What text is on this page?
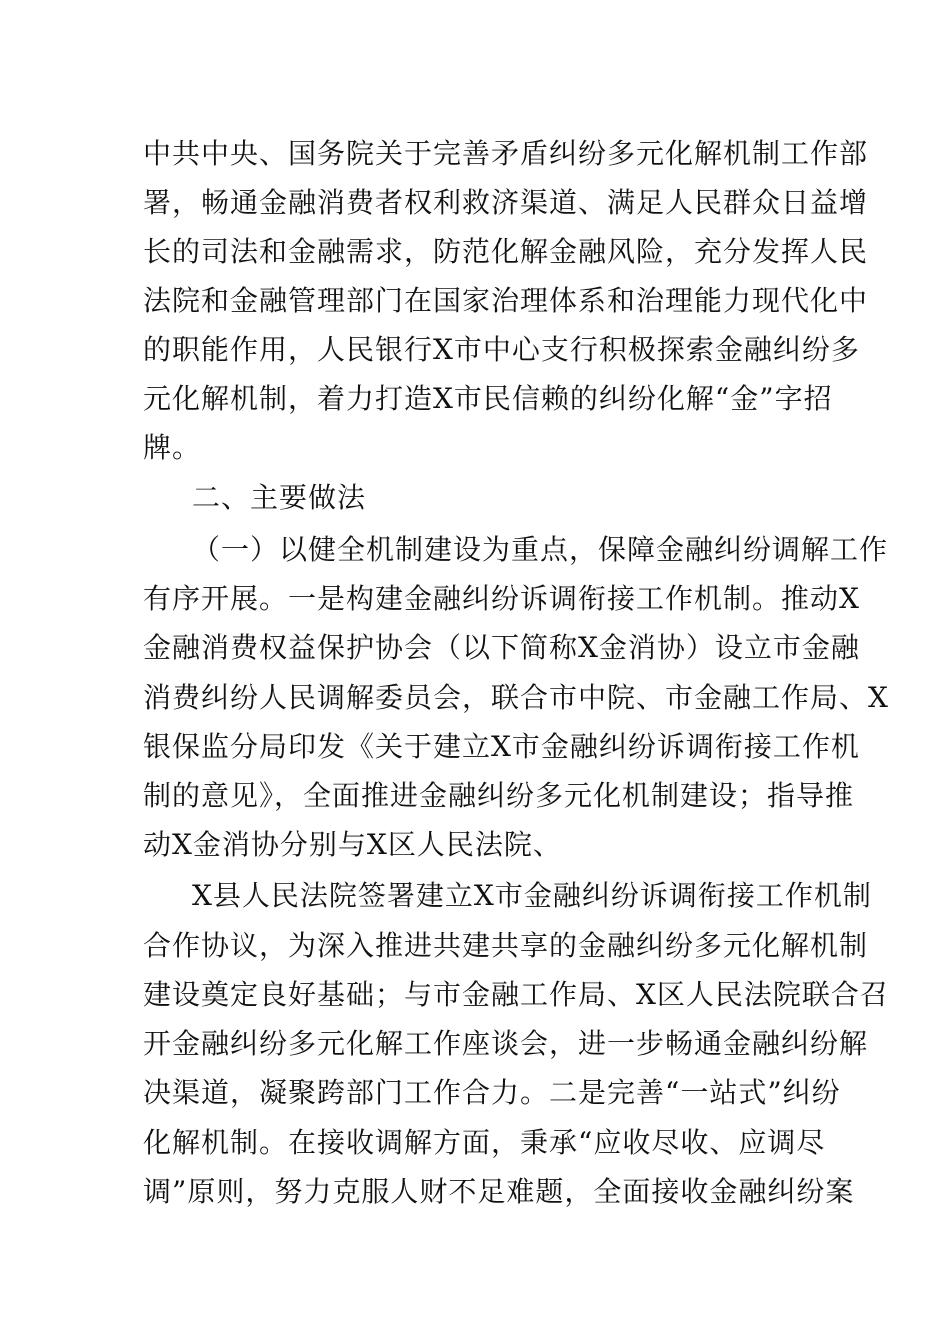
中共中央、国务院关于完善矛盾纠纷多元化解机制工作部
署，畅通金融消费者权利救济渠道、满足人民群众日益增
长的司法和金融需求，防范化解金融风险，充分发挥人民
法院和金融管理部门在国家治理体系和治理能力现代化中
的职能作用，人民银行X市中心支行积极探索金融纠纷多
元化解机制，着力打造X市民信赖的纠纷化解“金”字招
牌。
二、主要做法
（一）以健全机制建设为重点，保障金融纠纷调解工作
有序开展。一是构建金融纠纷诉调衔接工作机制。推动X
金融消费权益保护协会（以下简称X金消协）设立市金融
消费纠纷人民调解委员会，联合市中院、市金融工作局、X
银保监分局印发《关于建立X市金融纠纷诉调衔接工作机
制的意见》，全面推进金融纠纷多元化机制建设；指导推
动X金消协分别与X区人民法院、
X县人民法院签署建立X市金融纠纷诉调衔接工作机制
合作协议，为深入推进共建共享的金融纠纷多元化解机制
建设奠定良好基础；与市金融工作局、X区人民法院联合召
开金融纠纷多元化解工作座谈会，进一步畅通金融纠纷解
决渠道，凝聚跨部门工作合力。二是完善“一站式”纠纷
化解机制。在接收调解方面，秉承“应收尽收、应调尽
调”原则，努力克服人财不足难题，全面接收金融纠纷案
